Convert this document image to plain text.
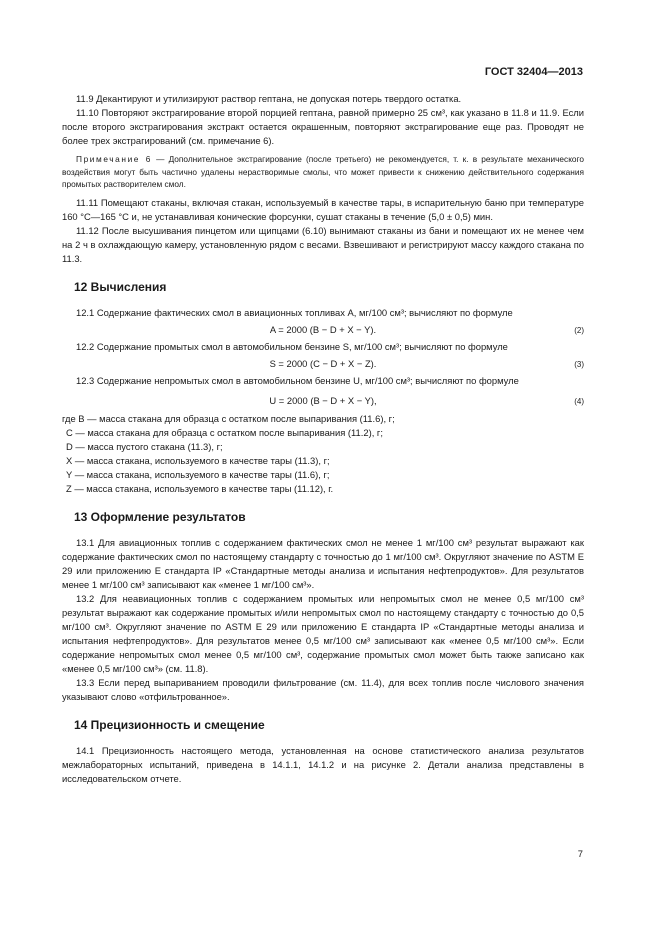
ГОСТ 32404—2013

11.9 Декантируют и утилизируют раствор гептана, не допуская потерь твердого остатка.

11.10 Повторяют экстрагирование второй порцией гептана, равной примерно 25 см³, как указано в 11.8 и 11.9. Если после второго экстрагирования экстракт остается окрашенным, повторяют экстрагирование еще раз. Проводят не более трех экстрагирований (см. примечание 6).

Примечание 6 — Дополнительное экстрагирование (после третьего) не рекомендуется, т. к. в результате механического воздействия могут быть частично удалены нерастворимые смолы, что может привести к снижению действительного содержания промытых растворителем смол.

11.11 Помещают стаканы, включая стакан, используемый в качестве тары, в испарительную баню при температуре 160 °С—165 °С и, не устанавливая конические форсунки, сушат стаканы в течение (5,0 ± 0,5) мин.

11.12 После высушивания пинцетом или щипцами (6.10) вынимают стаканы из бани и помещают их не менее чем на 2 ч в охлаждающую камеру, установленную рядом с весами. Взвешивают и регистрируют массу каждого стакана по 11.3.

12 Вычисления

12.1 Содержание фактических смол в авиационных топливах A, мг/100 см³; вычисляют по формуле

A = 2000 (B − D + X − Y).	(2)

12.2 Содержание промытых смол в автомобильном бензине S, мг/100 см³; вычисляют по формуле

S = 2000 (C − D + X − Z).	(3)

12.3 Содержание непромытых смол в автомобильном бензине U, мг/100 см³; вычисляют по формуле

U = 2000 (B − D + X − Y),	(4)

где B — масса стакана для образца с остатком после выпаривания (11.6), г;

C — масса стакана для образца с остатком после выпаривания (11.2), г;

D — масса пустого стакана (11.3), г;

X — масса стакана, используемого в качестве тары (11.3), г;

Y — масса стакана, используемого в качестве тары (11.6), г;

Z — масса стакана, используемого в качестве тары (11.12), г.

13 Оформление результатов

13.1 Для авиационных топлив с содержанием фактических смол не менее 1 мг/100 см³ результат выражают как содержание фактических смол по настоящему стандарту с точностью до 1 мг/100 см³. Округляют значение по ASTM E 29 или приложению E стандарта IP «Стандартные методы анализа и испытания нефтепродуктов». Для результатов менее 1 мг/100 см³ записывают как «менее 1 мг/100 см³».

13.2 Для неавиационных топлив с содержанием промытых или непромытых смол не менее 0,5 мг/100 см³ результат выражают как содержание промытых и/или непромытых смол по настоящему стандарту с точностью до 0,5 мг/100 см³. Округляют значение по ASTM E 29 или приложению E стандарта IP «Стандартные методы анализа и испытания нефтепродуктов». Для результатов менее 0,5 мг/100 см³ записывают как «менее 0,5 мг/100 см³». Если содержание непромытых смол менее 0,5 мг/100 см³, содержание промытых смол может быть также записано как «менее 0,5 мг/100 см³» (см. 11.8).

13.3 Если перед выпариванием проводили фильтрование (см. 11.4), для всех топлив после числового значения указывают слово «отфильтрованное».

14 Прецизионность и смещение

14.1 Прецизионность настоящего метода, установленная на основе статистического анализа результатов межлабораторных испытаний, приведена в 14.1.1, 14.1.2 и на рисунке 2. Детали анализа представлены в исследовательском отчете.

7
